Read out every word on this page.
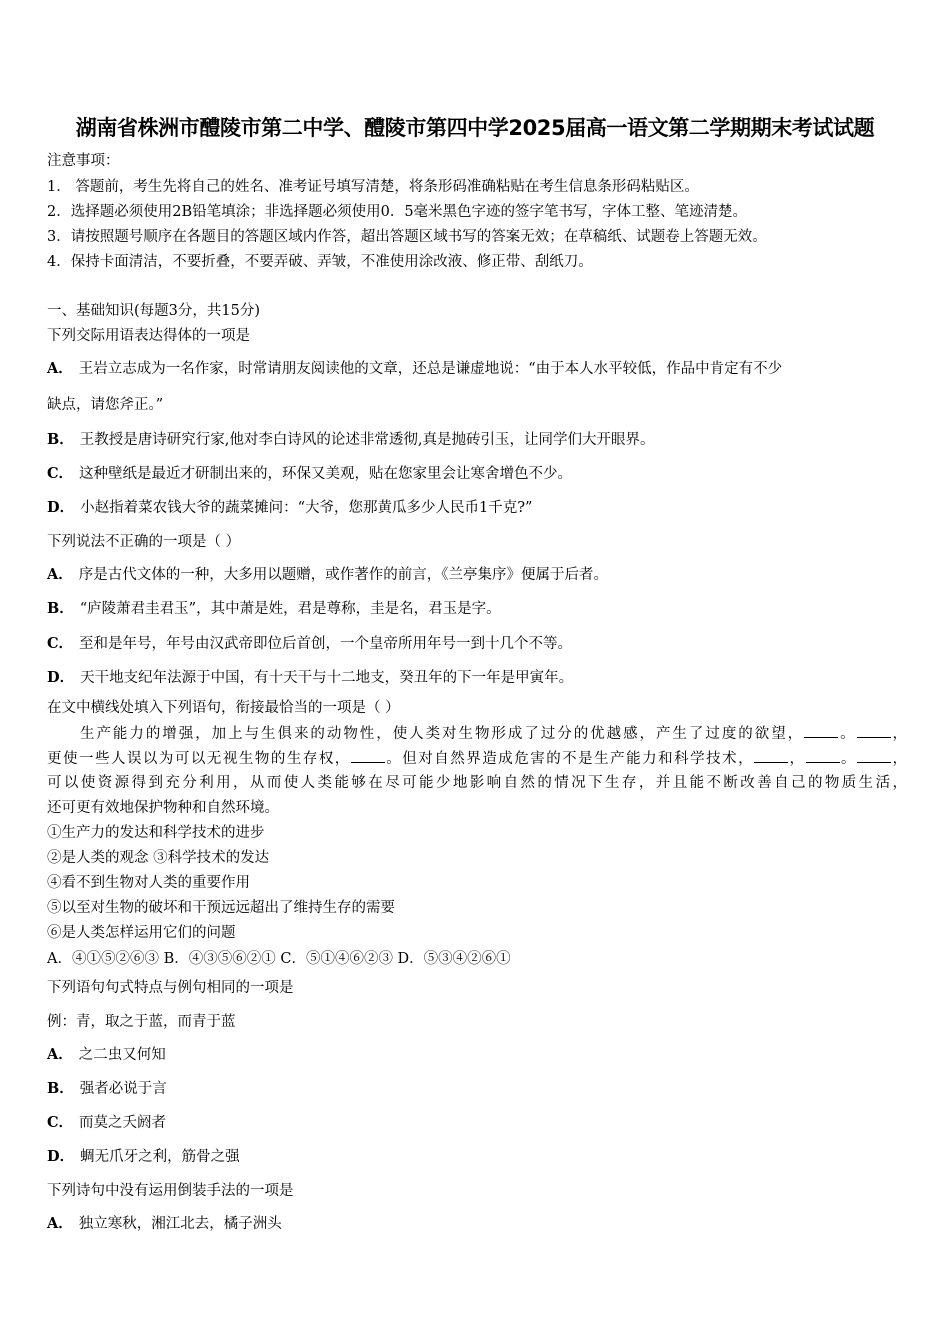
湖南省株洲市醴陵市第二中学、醴陵市第四中学2025届高一语文第二学期期末考试试题
注意事项：
1． 答题前，考生先将自己的姓名、准考证号填写清楚，将条形码准确粘贴在考生信息条形码粘贴区。
2．选择题必须使用2B铅笔填涂；非选择题必须使用0．5毫米黑色字迹的签字笔书写，字体工整、笔迹清楚。
3．请按照题号顺序在各题目的答题区域内作答，超出答题区域书写的答案无效；在草稿纸、试题卷上答题无效。
4．保持卡面清洁，不要折叠，不要弄破、弄皱，不准使用涂改液、修正带、刮纸刀。
一、基础知识(每题3分，共15分)
下列交际用语表达得体的一项是
A． 王岩立志成为一名作家，时常请朋友阅读他的文章，还总是谦虚地说：“由于本人水平较低，作品中肯定有不少
缺点，请您斧正。”
B． 王教授是唐诗研究行家,他对李白诗风的论述非常透彻,真是抛砖引玉，让同学们大开眼界。
C． 这种壁纸是最近才研制出来的，环保又美观，贴在您家里会让寒舍增色不少。
D． 小赵指着菜农钱大爷的蔬菜摊问：“大爷，您那黄瓜多少人民币1千克?”
下列说法不正确的一项是（ ）
A． 序是古代文体的一种，大多用以题赠，或作著作的前言，《兰亭集序》便属于后者。
B． “庐陵萧君圭君玉”，其中萧是姓，君是尊称，圭是名，君玉是字。
C． 至和是年号，年号由汉武帝即位后首创，一个皇帝所用年号一到十几个不等。
D． 天干地支纪年法源于中国，有十天干与十二地支，癸丑年的下一年是甲寅年。
在文中横线处填入下列语句，衔接最恰当的一项是（ ）
生产能力的增强，加上与生俱来的动物性，使人类对生物形成了过分的优越感，产生了过度的欲望， 。 ，
更使一些人误以为可以无视生物的生存权， 。但对自然界造成危害的不是生产能力和科学技术， ， 。 ，
可以使资源得到充分利用，从而使人类能够在尽可能少地影响自然的情况下生存，并且能不断改善自己的物质生活，
还可更有效地保护物种和自然环境。
①生产力的发达和科学技术的进步
②是人类的观念 ③科学技术的发达
④看不到生物对人类的重要作用
⑤以至对生物的破坏和干预远远超出了维持生存的需要
⑥是人类怎样运用它们的问题
A．④①⑤②⑥③ B．④③⑤⑥②① C．⑤①④⑥②③ D．⑤③④②⑥①
下列语句句式特点与例句相同的一项是
例：青，取之于蓝，而青于蓝
A． 之二虫又何知
B． 强者必说于言
C． 而莫之夭阏者
D． 蜩无爪牙之利，筋骨之强
下列诗句中没有运用倒装手法的一项是
A． 独立寒秋，湘江北去，橘子洲头
